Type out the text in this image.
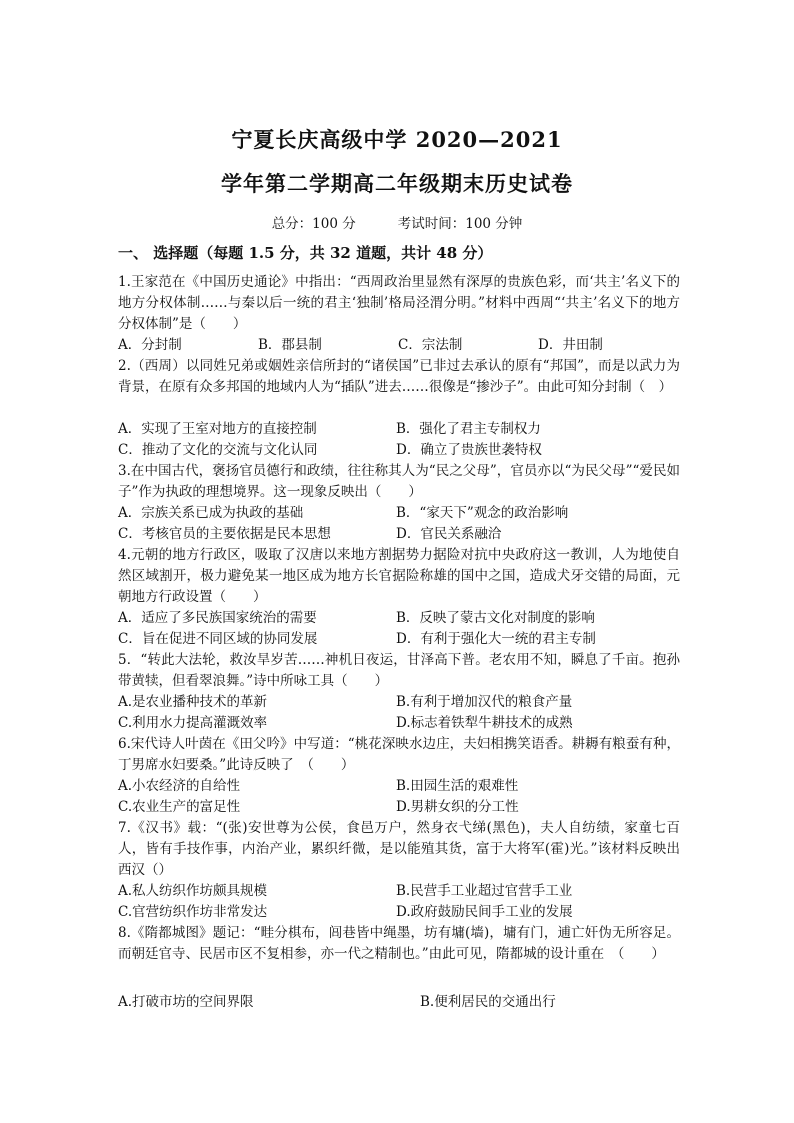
宁夏长庆高级中学 2020—2021
学年第二学期高二年级期末历史试卷
总分：100 分	考试时间：100 分钟
一、 选择题（每题 1.5 分，共 32 道题，共计 48 分）
1.王家范在《中国历史通论》中指出：“西周政治里显然有深厚的贵族色彩，而‘共主’名义下的地方分权体制……与秦以后一统的君主‘独制’格局泾渭分明。”材料中西周“‘共主’名义下的地方分权体制”是（　　）
A．分封制	B．郡县制	C．宗法制	D．井田制
2.（西周）以同姓兄弟或姻姓亲信所封的“诸侯国”已非过去承认的原有“邦国”，而是以武力为背景，在原有众多邦国的地域内人为“插队”进去……很像是“掺沙子”。由此可知分封制（　）
A．实现了王室对地方的直接控制	B．强化了君主专制权力
C．推动了文化的交流与文化认同	D．确立了贵族世袭特权
3.在中国古代，褒扬官员德行和政绩，往往称其人为“民之父母”，官员亦以“为民父母”“爱民如子”作为执政的理想境界。这一现象反映出（　　）
A．宗族关系已成为执政的基础	B．“家天下”观念的政治影响
C．考核官员的主要依据是民本思想	D．官民关系融洽
4.元朝的地方行政区，吸取了汉唐以来地方割据势力据险对抗中央政府这一教训，人为地使自然区域割开，极力避免某一地区成为地方长官据险称雄的国中之国，造成犬牙交错的局面，元朝地方行政设置（　　）
A．适应了多民族国家统治的需要	B．反映了蒙古文化对制度的影响
C．旨在促进不同区域的协同发展	D．有利于强化大一统的君主专制
5．“转此大法轮，救汝旱岁苦……神机日夜运，甘泽高下普。老农用不知，瞬息了千亩。抱孙带黄犊，但看翠浪舞。”诗中所咏工具（　　）
A.是农业播种技术的革新	B.有利于增加汉代的粮食产量
C.利用水力提高灌溉效率	D.标志着铁犁牛耕技术的成熟
6.宋代诗人叶茵在《田父吟》中写道：“桃花深映水边庄，夫妇相携笑语香。耕耨有粮蚕有种，丁男席水妇要桑。”此诗反映了　（　　）
A.小农经济的自给性	B.田园生活的艰难性
C.农业生产的富足性	D.男耕女织的分工性
7.《汉书》载：“(张)安世尊为公侯，食邑万户，然身衣弋绨(黑色)，夫人自纺绩，家童七百人，皆有手技作事，内治产业，累织纤微，是以能殖其货，富于大将军(霍)光。”该材料反映出西汉（）
A.私人纺织作坊颇具规模	B.民营手工业超过官营手工业
C.官营纺织作坊非常发达	D.政府鼓励民间手工业的发展
8.《隋都城图》题记：“畦分棋布，闾巷皆中绳墨，坊有墉(墙)，墉有门，逋亡奸伪无所容足。而朝廷官寺、民居市区不复相参，亦一代之精制也。”由此可见，隋都城的设计重在　（　　）
A.打破市坊的空间界限	B.便利居民的交通出行
